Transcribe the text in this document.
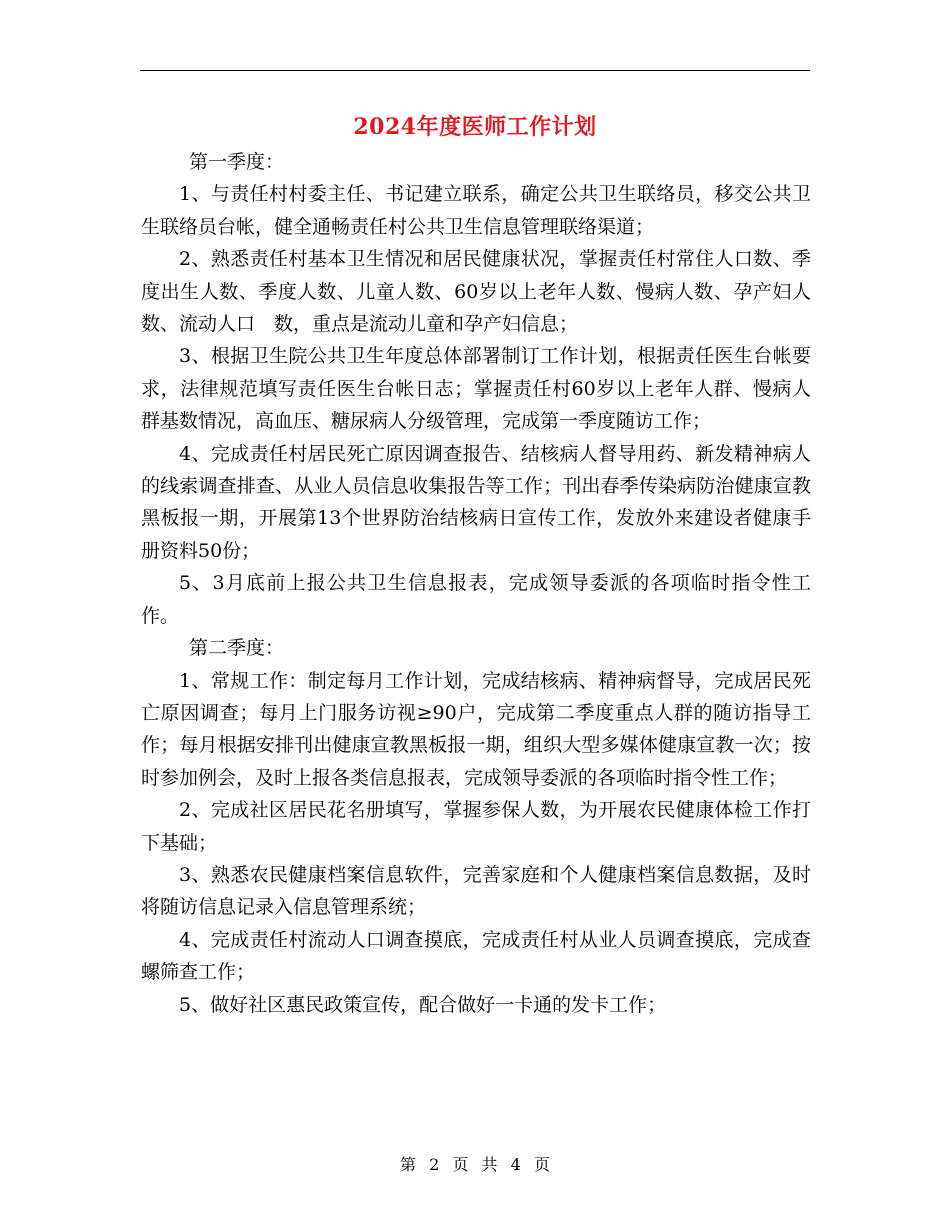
2024年度医师工作计划

第一季度：

1、与责任村村委主任、书记建立联系，确定公共卫生联络员，移交公共卫生联络员台帐，健全通畅责任村公共卫生信息管理联络渠道；

2、熟悉责任村基本卫生情况和居民健康状况，掌握责任村常住人口数、季度出生人数、季度人数、儿童人数、60岁以上老年人数、慢病人数、孕产妇人数、流动人口　数，重点是流动儿童和孕产妇信息；

3、根据卫生院公共卫生年度总体部署制订工作计划，根据责任医生台帐要求，法律规范填写责任医生台帐日志；掌握责任村60岁以上老年人群、慢病人群基数情况，高血压、糖尿病人分级管理，完成第一季度随访工作；

4、完成责任村居民死亡原因调查报告、结核病人督导用药、新发精神病人的线索调查排查、从业人员信息收集报告等工作；刊出春季传染病防治健康宣教黑板报一期，开展第13个世界防治结核病日宣传工作，发放外来建设者健康手册资料50份；

5、3月底前上报公共卫生信息报表，完成领导委派的各项临时指令性工作。

第二季度：

1、常规工作：制定每月工作计划，完成结核病、精神病督导，完成居民死亡原因调查；每月上门服务访视≥90户，完成第二季度重点人群的随访指导工作；每月根据安排刊出健康宣教黑板报一期，组织大型多媒体健康宣教一次；按时参加例会，及时上报各类信息报表，完成领导委派的各项临时指令性工作；

2、完成社区居民花名册填写，掌握参保人数，为开展农民健康体检工作打下基础；

3、熟悉农民健康档案信息软件，完善家庭和个人健康档案信息数据，及时将随访信息记录入信息管理系统；

4、完成责任村流动人口调查摸底，完成责任村从业人员调查摸底，完成查螺筛查工作；

5、做好社区惠民政策宣传，配合做好一卡通的发卡工作；

第 2 页 共 4 页
